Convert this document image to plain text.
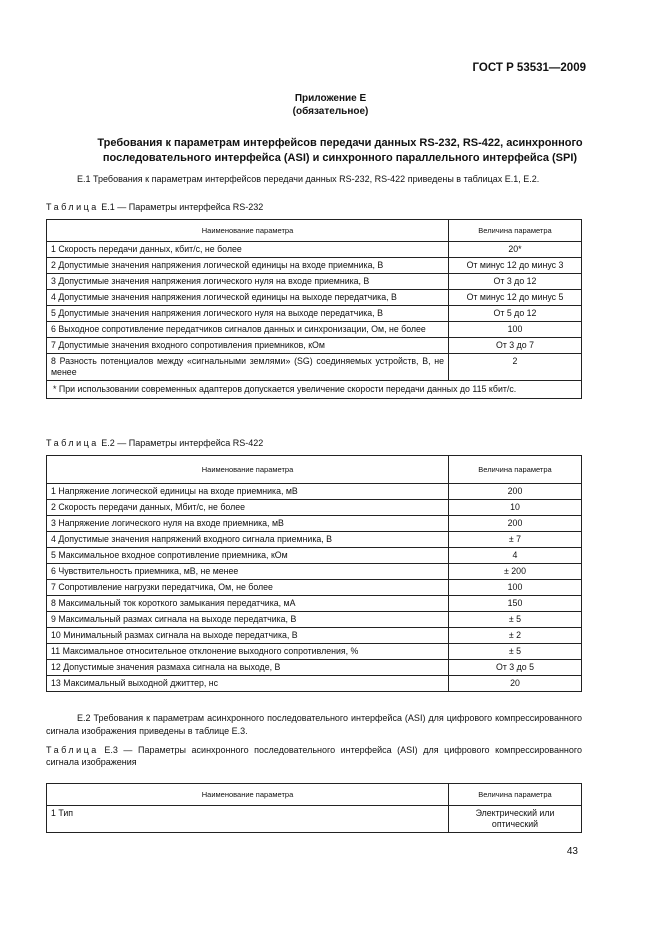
ГОСТ Р 53531—2009
Приложение Е
(обязательное)
Требования к параметрам интерфейсов передачи данных RS-232, RS-422, асинхронного последовательного интерфейса (ASI) и синхронного параллельного интерфейса (SPI)
Е.1 Требования к параметрам интерфейсов передачи данных RS-232, RS-422 приведены в таблицах Е.1, Е.2.
Таблица Е.1 — Параметры интерфейса RS-232
Наименование параметра	Величина параметра
1 Скорость передачи данных, кбит/с, не более	20*
2 Допустимые значения напряжения логической единицы на входе приемника, В	От минус 12 до минус 3
3 Допустимые значения напряжения логического нуля на входе приемника, В	От 3 до 12
4 Допустимые значения напряжения логической единицы на выходе передатчика, В	От минус 12 до минус 5
5 Допустимые значения напряжения логического нуля на выходе передатчика, В	От 5 до 12
6 Выходное сопротивление передатчиков сигналов данных и синхронизации, Ом, не более	100
7 Допустимые значения входного сопротивления приемников, кОм	От 3 до 7
8 Разность потенциалов между «сигнальными землями» (SG) соединяемых устройств, В, не менее	2
* При использовании современных адаптеров допускается увеличение скорости передачи данных до 115 кбит/с.	
Таблица Е.2 — Параметры интерфейса RS-422
Наименование параметра	Величина параметра
1 Напряжение логической единицы на входе приемника, мВ	200
2 Скорость передачи данных, Мбит/с, не более	10
3 Напряжение логического нуля на входе приемника, мВ	200
4 Допустимые значения напряжений входного сигнала приемника, В	± 7
5 Максимальное входное сопротивление приемника, кОм	4
6 Чувствительность приемника, мВ, не менее	± 200
7 Сопротивление нагрузки передатчика, Ом, не более	100
8 Максимальный ток короткого замыкания передатчика, мА	150
9 Максимальный размах сигнала на выходе передатчика, В	± 5
10 Минимальный размах сигнала на выходе передатчика, В	± 2
11 Максимальное относительное отклонение выходного сопротивления, %	± 5
12 Допустимые значения размаха сигнала на выходе, В	От 3 до 5
13 Максимальный выходной джиттер, нс	20
Е.2 Требования к параметрам асинхронного последовательного интерфейса (ASI) для цифрового компрессированного сигнала изображения приведены в таблице Е.3.
Таблица Е.3 — Параметры асинхронного последовательного интерфейса (ASI) для цифрового компрессированного сигнала изображения
Наименование параметра	Величина параметра
1 Тип	Электрический или оптический
43
